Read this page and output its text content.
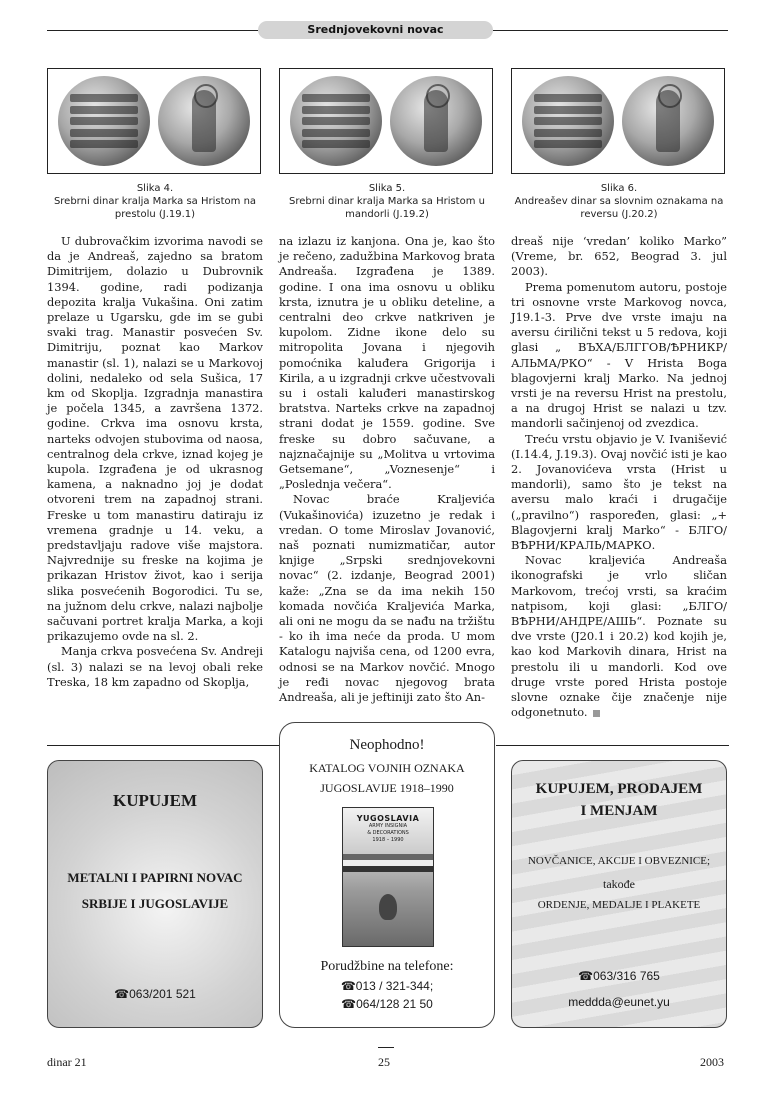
Srednjovekovni novac
Slika 4.
Srebrni dinar kralja Marka sa Hristom na prestolu (J.19.1)
Slika 5.
Srebrni dinar kralja Marka sa Hristom u mandorli (J.19.2)
Slika 6.
Andreašev dinar sa slovnim oznakama na reversu (J.20.2)

U dubrovačkim izvorima navodi se da je Andreaš, zajedno sa bratom Dimitrijem, dolazio u Dubrovnik 1394. godine, radi podizanja depozita kralja Vukašina. Oni zatim prelaze u Ugarsku, gde im se gubi svaki trag. Manastir posvećen Sv. Dimitriju, poznat kao Markov manastir (sl. 1), nalazi se u Markovoj dolini, nedaleko od sela Sušica, 17 km od Skoplja. Izgradnja manastira je počela 1345, a završena 1372. godine. Crkva ima osnovu krsta, narteks odvojen stubovima od naosa, centralnog dela crkve, iznad kojeg je kupola. Izgrađena je od ukrasnog kamena, a naknadno joj je dodat otvoreni trem na zapadnoj strani. Freske u tom manastiru datiraju iz vremena gradnje u 14. veku, a predstavljaju radove više majstora. Najvrednije su freske na kojima je prikazan Hristov život, kao i serija slika posvećenih Bogorodici. Tu se, na južnom delu crkve, nalazi najbolje sačuvani portret kralja Marka, a koji prikazujemo ovde na sl. 2.

Manja crkva posvećena Sv. Andreji (sl. 3) nalazi se na levoj obali reke Treska, 18 km zapadno od Skoplja,

na izlazu iz kanjona. Ona je, kao što je rečeno, zadužbina Markovog brata Andreaša. Izgrađena je 1389. godine. I ona ima osnovu u obliku krsta, iznutra je u obliku deteline, a centralni deo crkve natkriven je kupolom. Zidne ikone delo su mitropolita Jovana i njegovih pomoćnika kaluđera Grigorija i Kirila, a u izgradnji crkve učestvovali su i ostali kaluđeri manastirskog bratstva. Narteks crkve na zapadnoj strani dodat je 1559. godine. Sve freske su dobro sačuvane, a najznačajnije su „Molitva u vrtovima Getsemane“, „Voznesenje“ i „Poslednja večera“.

Novac braće Kraljevića (Vukašinovića) izuzetno je redak i vredan. O tome Miroslav Jovanović, naš poznati numizmatičar, autor knjige „Srpski srednjovekovni novac“ (2. izdanje, Beograd 2001) kaže: „Zna se da ima nekih 150 komada novčića Kraljevića Marka, ali oni ne mogu da se nađu na tržištu - ko ih ima neće da proda. U mom Katalogu najviša cena, od 1200 evra, odnosi se na Markov novčić. Mnogo je ređi novac njegovog brata Andreaša, ali je jeftiniji zato što An-

dreaš nije ‘vredan’ koliko Marko” (Vreme, br. 652, Beograd 3. jul 2003).

Prema pomenutom autoru, postoje tri osnovne vrste Markovog novca, J19.1-3. Prve dve vrste imaju na aversu ćirilični tekst u 5 redova, koji glasi „ ВЪХА/БЛГГОВ/ѢРНИКР/АЛЬМА/РКО“ - V Hrista Boga blagovjerni kralj Marko. Na jednoj vrsti je na reversu Hrist na prestolu, a na drugoj Hrist se nalazi u tzv. mandorli sačinjenoj od zvezdica.

Treću vrstu objavio je V. Ivanišević (I.14.4, J.19.3). Ovaj novčić isti je kao 2. Jovanovićeva vrsta (Hrist u mandorli), samo što je tekst na aversu malo kraći i drugačije („pravilno“) raspoređen, glasi: „+ Blagovjerni kralj Marko“ - БЛГО/ВѢРНИ/КРАЛЬ/МАРКО.

Novac kraljevića Andreaša ikonografski je vrlo sličan Markovom, trećoj vrsti, sa kraćim natpisom, koji glasi: „БЛГО/ ВѢРНИ/АНДРЕ/АШЬ“. Poznate su dve vrste (J20.1 i 20.2) kod kojih je, kao kod Markovih dinara, Hrist na prestolu ili u mandorli. Kod ove druge vrste pored Hrista postoje slovne oznake čije značenje nije odgonetnuto.

KUPUJEM
METALNI I PAPIRNI NOVAC
SRBIJE I JUGOSLAVIJE
☎063/201 521
Neophodno!
KATALOG VOJNIH OZNAKA
JUGOSLAVIJE 1918–1990
YUGOSLAVIA
ARMY INSIGNIA
& DECORATIONS
1918 – 1990
Porudžbine na telefone:
☎013 / 321-344;
☎064/128 21 50
KUPUJEM, PRODAJEM
I MENJAM
NOVČANICE, AKCIJE I OBVEZNICE;
takođe
ORDENJE, MEDALJE I PLAKETE
☎063/316 765
meddda@eunet.yu
dinar 21	25	2003
